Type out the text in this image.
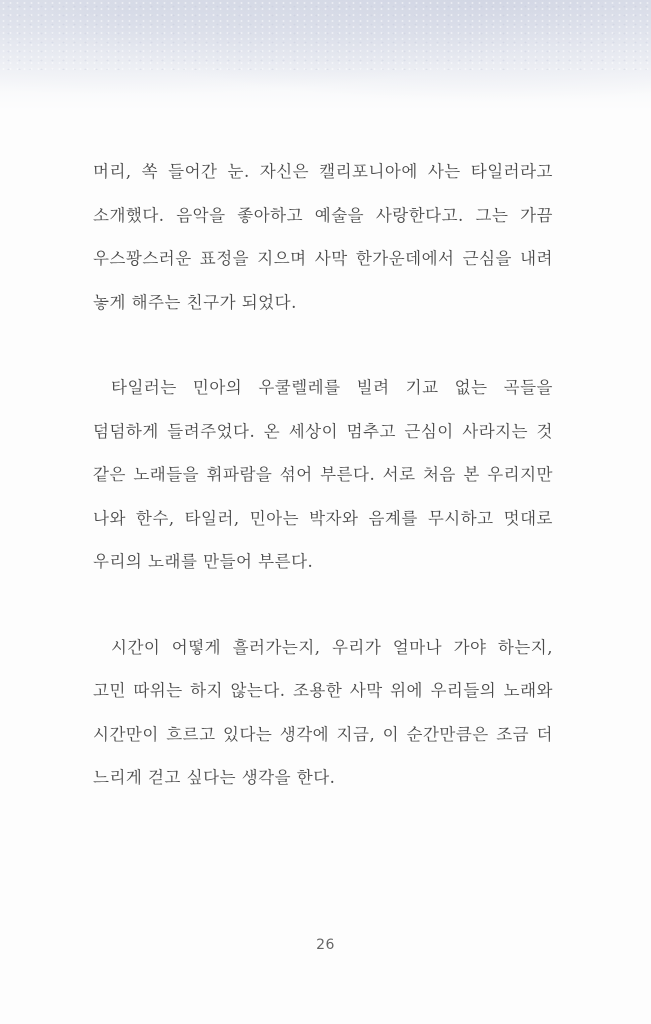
머리, 쏙 들어간 눈. 자신은 캘리포니아에 사는 타일러라고 소개했다. 음악을 좋아하고 예술을 사랑한다고. 그는 가끔 우스꽝스러운 표정을 지으며 사막 한가운데에서 근심을 내려 놓게 해주는 친구가 되었다.

타일러는 민아의 우쿨렐레를 빌려 기교 없는 곡들을 덤덤하게 들려주었다. 온 세상이 멈추고 근심이 사라지는 것 같은 노래들을 휘파람을 섞어 부른다. 서로 처음 본 우리지만 나와 한수, 타일러, 민아는 박자와 음계를 무시하고 멋대로 우리의 노래를 만들어 부른다.

시간이 어떻게 흘러가는지, 우리가 얼마나 가야 하는지, 고민 따위는 하지 않는다. 조용한 사막 위에 우리들의 노래와 시간만이 흐르고 있다는 생각에 지금, 이 순간만큼은 조금 더 느리게 걷고 싶다는 생각을 한다.

26
